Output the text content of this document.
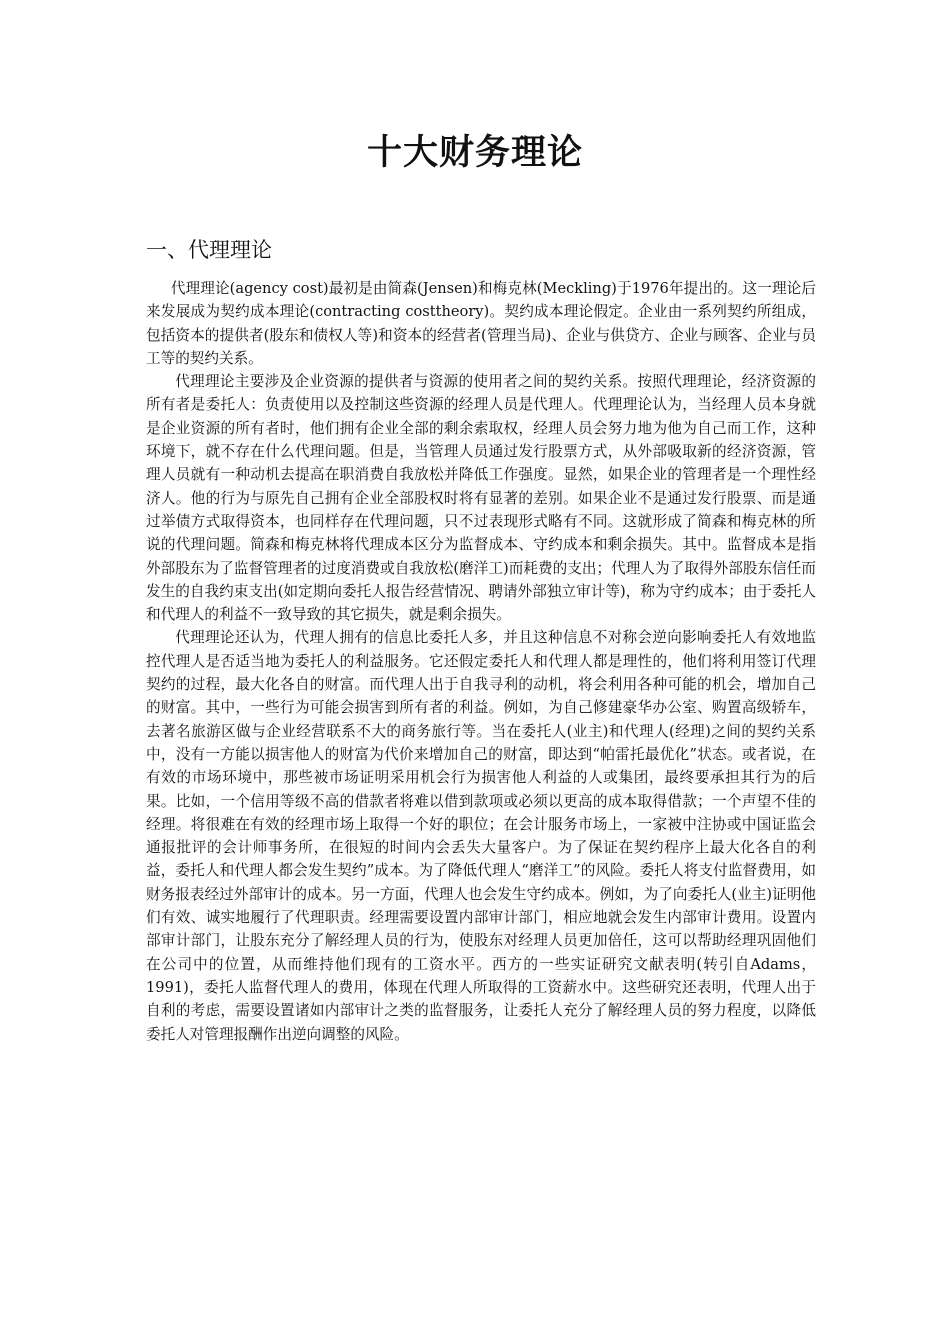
十大财务理论
一、代理理论

代理理论(agency cost)最初是由简森(Jensen)和梅克林(Meckling)于1976年提出的。这一理论后来发展成为契约成本理论(contracting costtheory)。契约成本理论假定。企业由一系列契约所组成，包括资本的提供者(股东和债权人等)和资本的经营者(管理当局)、企业与供贷方、企业与顾客、企业与员工等的契约关系。

代理理论主要涉及企业资源的提供者与资源的使用者之间的契约关系。按照代理理论，经济资源的所有者是委托人：负责使用以及控制这些资源的经理人员是代理人。代理理论认为，当经理人员本身就是企业资源的所有者时，他们拥有企业全部的剩余索取权，经理人员会努力地为他为自己而工作，这种环境下，就不存在什么代理问题。但是，当管理人员通过发行股票方式，从外部吸取新的经济资源，管理人员就有一种动机去提高在职消费自我放松并降低工作强度。显然，如果企业的管理者是一个理性经济人。他的行为与原先自己拥有企业全部股权时将有显著的差别。如果企业不是通过发行股票、而是通过举债方式取得资本，也同样存在代理问题，只不过表现形式略有不同。这就形成了简森和梅克林的所说的代理问题。简森和梅克林将代理成本区分为监督成本、守约成本和剩余损失。其中。监督成本是指外部股东为了监督管理者的过度消费或自我放松(磨洋工)而耗费的支出；代理人为了取得外部股东信任而发生的自我约束支出(如定期向委托人报告经营情况、聘请外部独立审计等)，称为守约成本；由于委托人和代理人的利益不一致导致的其它损失，就是剩余损失。

代理理论还认为，代理人拥有的信息比委托人多，并且这种信息不对称会逆向影响委托人有效地监控代理人是否适当地为委托人的利益服务。它还假定委托人和代理人都是理性的，他们将利用签订代理契约的过程，最大化各自的财富。而代理人出于自我寻利的动机，将会利用各种可能的机会，增加自己的财富。其中，一些行为可能会损害到所有者的利益。例如，为自己修建豪华办公室、购置高级轿车，去著名旅游区做与企业经营联系不大的商务旅行等。当在委托人(业主)和代理人(经理)之间的契约关系中，没有一方能以损害他人的财富为代价来增加自己的财富，即达到“帕雷托最优化”状态。或者说，在有效的市场环境中，那些被市场证明采用机会行为损害他人利益的人或集团，最终要承担其行为的后果。比如，一个信用等级不高的借款者将难以借到款项或必须以更高的成本取得借款；一个声望不佳的经理。将很难在有效的经理市场上取得一个好的职位；在会计服务市场上，一家被中注协或中国证监会通报批评的会计师事务所，在很短的时间内会丢失大量客户。为了保证在契约程序上最大化各自的利益，委托人和代理人都会发生契约”成本。为了降低代理人“磨洋工”的风险。委托人将支付监督费用，如财务报表经过外部审计的成本。另一方面，代理人也会发生守约成本。例如，为了向委托人(业主)证明他们有效、诚实地履行了代理职责。经理需要设置内部审计部门，相应地就会发生内部审计费用。设置内部审计部门，让股东充分了解经理人员的行为，使股东对经理人员更加倍任，这可以帮助经理巩固他们在公司中的位置，从而维持他们现有的工资水平。西方的一些实证研究文献表明(转引自Adams，1991)，委托人监督代理人的费用，体现在代理人所取得的工资薪水中。这些研究还表明，代理人出于自利的考虑，需要设置诸如内部审计之类的监督服务，让委托人充分了解经理人员的努力程度，以降低委托人对管理报酬作出逆向调整的风险。
